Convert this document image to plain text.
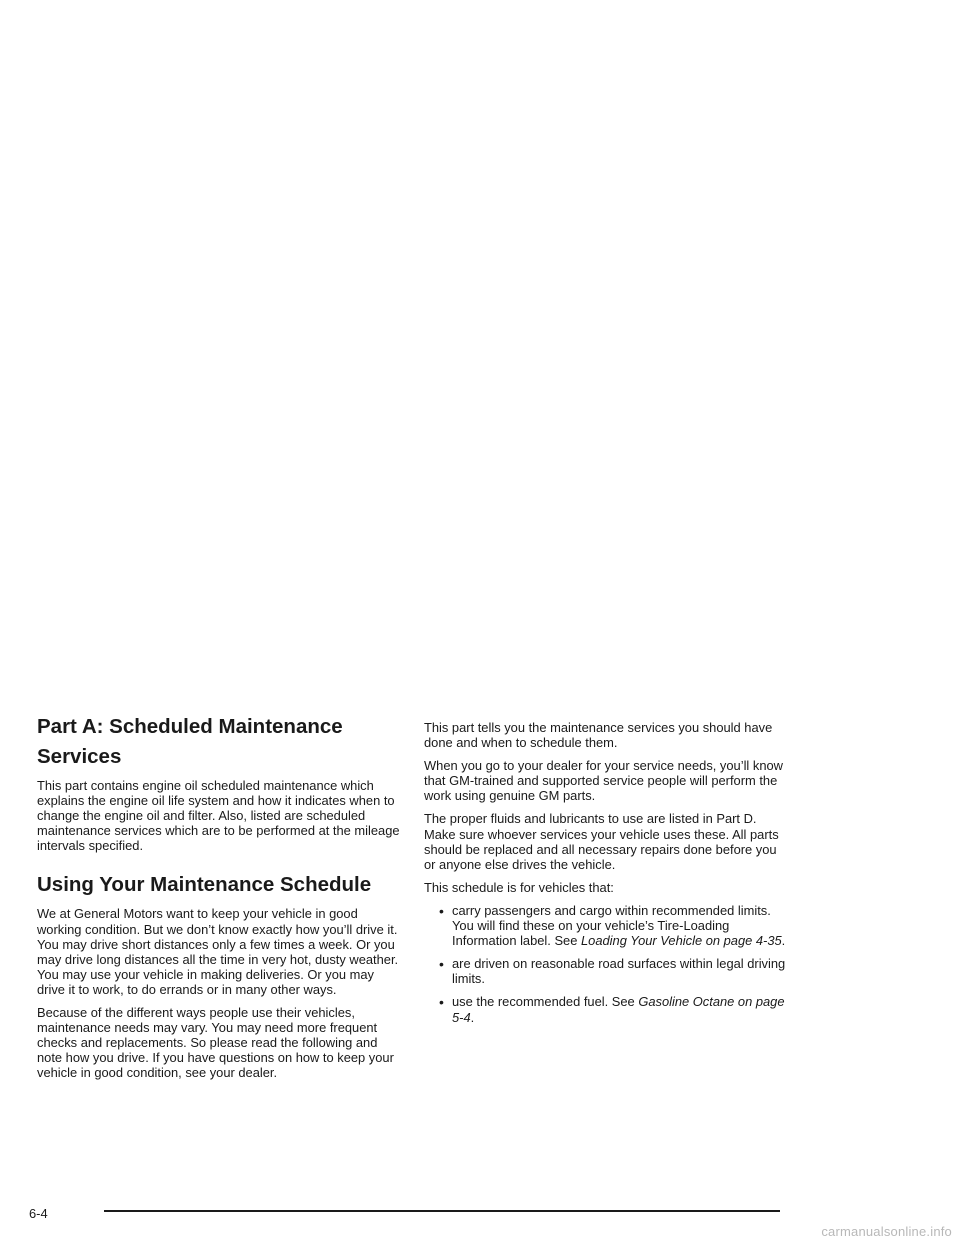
Part A: Scheduled Maintenance Services

This part contains engine oil scheduled maintenance which explains the engine oil life system and how it indicates when to change the engine oil and filter. Also, listed are scheduled maintenance services which are to be performed at the mileage intervals specified.

Using Your Maintenance Schedule

We at General Motors want to keep your vehicle in good working condition. But we don’t know exactly how you’ll drive it. You may drive short distances only a few times a week. Or you may drive long distances all the time in very hot, dusty weather. You may use your vehicle in making deliveries. Or you may drive it to work, to do errands or in many other ways.

Because of the different ways people use their vehicles, maintenance needs may vary. You may need more frequent checks and replacements. So please read the following and note how you drive. If you have questions on how to keep your vehicle in good condition, see your dealer.

This part tells you the maintenance services you should have done and when to schedule them.

When you go to your dealer for your service needs, you’ll know that GM-trained and supported service people will perform the work using genuine GM parts.

The proper fluids and lubricants to use are listed in Part D. Make sure whoever services your vehicle uses these. All parts should be replaced and all necessary repairs done before you or anyone else drives the vehicle.

This schedule is for vehicles that:

• carry passengers and cargo within recommended limits. You will find these on your vehicle’s Tire-Loading Information label. See Loading Your Vehicle on page 4-35.
• are driven on reasonable road surfaces within legal driving limits.
• use the recommended fuel. See Gasoline Octane on page 5-4.
6-4
carmanualsonline.info
